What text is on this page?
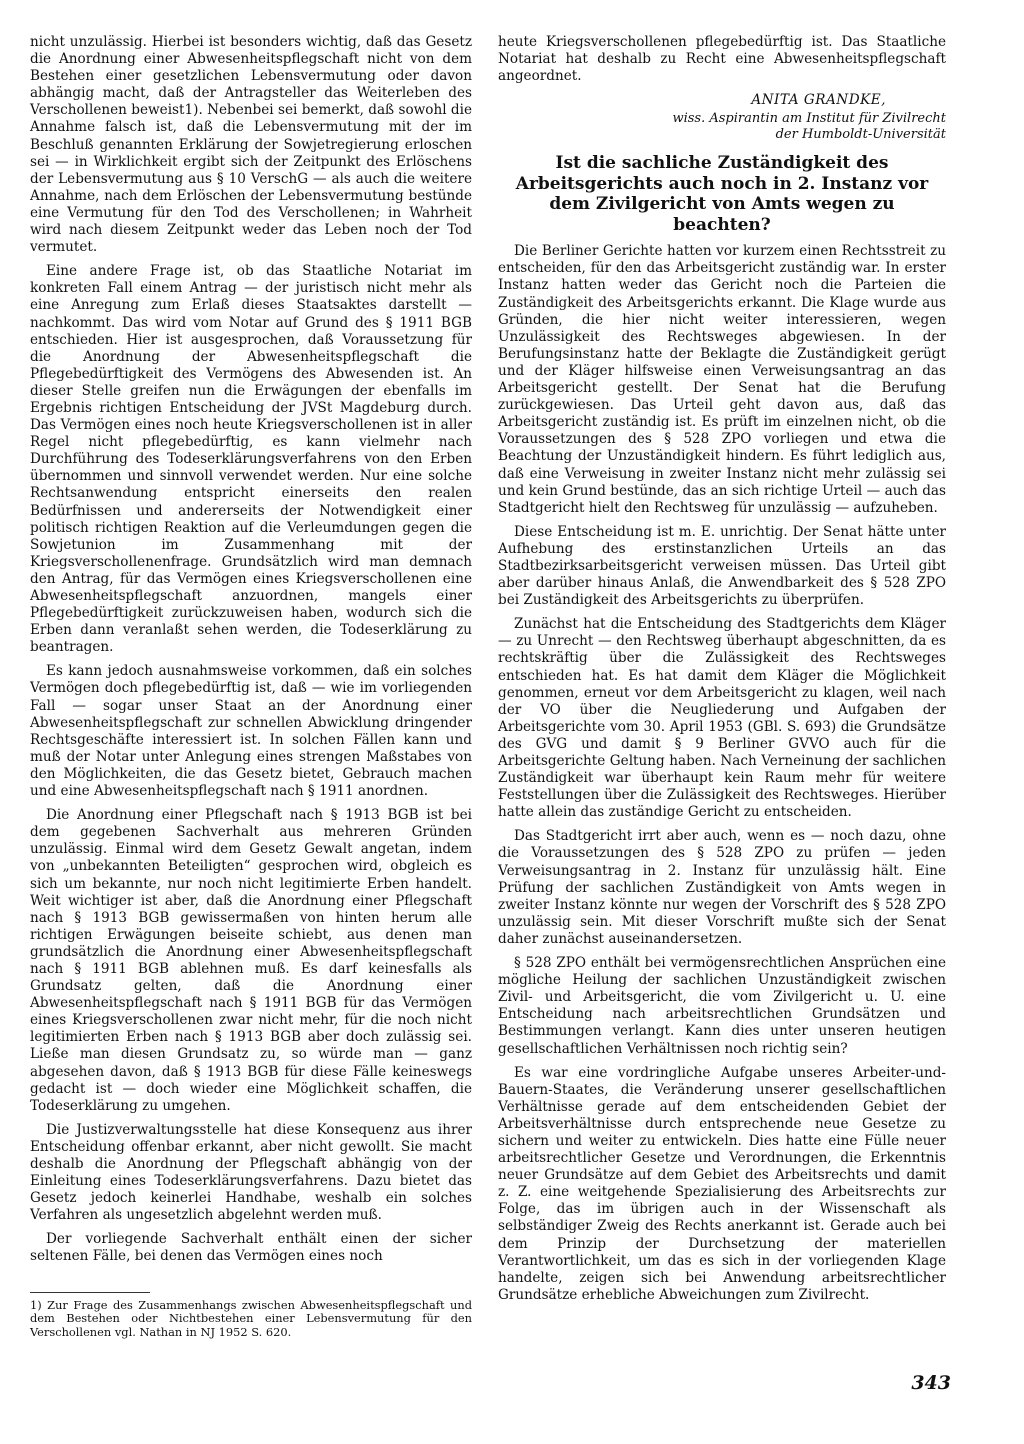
nicht unzulässig. Hierbei ist besonders wichtig, daß das Gesetz die Anordnung einer Abwesenheitspflegschaft nicht von dem Bestehen einer gesetzlichen Lebensvermutung oder davon abhängig macht, daß der Antragsteller das Weiterleben des Verschollenen beweist1). Nebenbei sei bemerkt, daß sowohl die Annahme falsch ist, daß die Lebensvermutung mit der im Beschluß genannten Erklärung der Sowjetregierung erloschen sei — in Wirklichkeit ergibt sich der Zeitpunkt des Erlöschens der Lebensvermutung aus § 10 VerschG — als auch die weitere Annahme, nach dem Erlöschen der Lebensvermutung bestünde eine Vermutung für den Tod des Verschollenen; in Wahrheit wird nach diesem Zeitpunkt weder das Leben noch der Tod vermutet.

Eine andere Frage ist, ob das Staatliche Notariat im konkreten Fall einem Antrag — der juristisch nicht mehr als eine Anregung zum Erlaß dieses Staatsaktes darstellt — nachkommt. Das wird vom Notar auf Grund des § 1911 BGB entschieden. Hier ist ausgesprochen, daß Voraussetzung für die Anordnung der Abwesenheitspflegschaft die Pflegebedürftigkeit des Vermögens des Abwesenden ist. An dieser Stelle greifen nun die Erwägungen der ebenfalls im Ergebnis richtigen Entscheidung der JVSt Magdeburg durch. Das Vermögen eines noch heute Kriegsverschollenen ist in aller Regel nicht pflegebedürftig, es kann vielmehr nach Durchführung des Todeserklärungsverfahrens von den Erben übernommen und sinnvoll verwendet werden. Nur eine solche Rechtsanwendung entspricht einerseits den realen Bedürfnissen und andererseits der Notwendigkeit einer politisch richtigen Reaktion auf die Verleumdungen gegen die Sowjetunion im Zusammenhang mit der Kriegsverschollenenfrage. Grundsätzlich wird man demnach den Antrag, für das Vermögen eines Kriegsverschollenen eine Abwesenheitspflegschaft anzuordnen, mangels einer Pflegebedürftigkeit zurückzuweisen haben, wodurch sich die Erben dann veranlaßt sehen werden, die Todeserklärung zu beantragen.

Es kann jedoch ausnahmsweise vorkommen, daß ein solches Vermögen doch pflegebedürftig ist, daß — wie im vorliegenden Fall — sogar unser Staat an der Anordnung einer Abwesenheitspflegschaft zur schnellen Abwicklung dringender Rechtsgeschäfte interessiert ist. In solchen Fällen kann und muß der Notar unter Anlegung eines strengen Maßstabes von den Möglichkeiten, die das Gesetz bietet, Gebrauch machen und eine Abwesenheitspflegschaft nach § 1911 anordnen.

Die Anordnung einer Pflegschaft nach § 1913 BGB ist bei dem gegebenen Sachverhalt aus mehreren Gründen unzulässig. Einmal wird dem Gesetz Gewalt angetan, indem von „unbekannten Beteiligten“ gesprochen wird, obgleich es sich um bekannte, nur noch nicht legitimierte Erben handelt. Weit wichtiger ist aber, daß die Anordnung einer Pflegschaft nach § 1913 BGB gewissermaßen von hinten herum alle richtigen Erwägungen beiseite schiebt, aus denen man grundsätzlich die Anordnung einer Abwesenheitspflegschaft nach § 1911 BGB ablehnen muß. Es darf keinesfalls als Grundsatz gelten, daß die Anordnung einer Abwesenheitspflegschaft nach § 1911 BGB für das Vermögen eines Kriegsverschollenen zwar nicht mehr, für die noch nicht legitimierten Erben nach § 1913 BGB aber doch zulässig sei. Ließe man diesen Grundsatz zu, so würde man — ganz abgesehen davon, daß § 1913 BGB für diese Fälle keineswegs gedacht ist — doch wieder eine Möglichkeit schaffen, die Todeserklärung zu umgehen.

Die Justizverwaltungsstelle hat diese Konsequenz aus ihrer Entscheidung offenbar erkannt, aber nicht gewollt. Sie macht deshalb die Anordnung der Pflegschaft abhängig von der Einleitung eines Todeserklärungsverfahrens. Dazu bietet das Gesetz jedoch keinerlei Handhabe, weshalb ein solches Verfahren als ungesetzlich abgelehnt werden muß.

Der vorliegende Sachverhalt enthält einen der sicher seltenen Fälle, bei denen das Vermögen eines noch

1) Zur Frage des Zusammenhangs zwischen Abwesenheitspflegschaft und dem Bestehen oder Nichtbestehen einer Lebensvermutung für den Verschollenen vgl. Nathan in NJ 1952 S. 620.

heute Kriegsverschollenen pflegebedürftig ist. Das Staatliche Notariat hat deshalb zu Recht eine Abwesenheitspflegschaft angeordnet.

ANITA GRANDKE,
wiss. Aspirantin am Institut für Zivilrecht
der Humboldt-Universität
Ist die sachliche Zuständigkeit des Arbeitsgerichts auch noch in 2. Instanz vor dem Zivilgericht von Amts wegen zu beachten?

Die Berliner Gerichte hatten vor kurzem einen Rechtsstreit zu entscheiden, für den das Arbeitsgericht zuständig war. In erster Instanz hatten weder das Gericht noch die Parteien die Zuständigkeit des Arbeitsgerichts erkannt. Die Klage wurde aus Gründen, die hier nicht weiter interessieren, wegen Unzulässigkeit des Rechtsweges abgewiesen. In der Berufungsinstanz hatte der Beklagte die Zuständigkeit gerügt und der Kläger hilfsweise einen Verweisungsantrag an das Arbeitsgericht gestellt. Der Senat hat die Berufung zurückgewiesen. Das Urteil geht davon aus, daß das Arbeitsgericht zuständig ist. Es prüft im einzelnen nicht, ob die Voraussetzungen des § 528 ZPO vorliegen und etwa die Beachtung der Unzuständigkeit hindern. Es führt lediglich aus, daß eine Verweisung in zweiter Instanz nicht mehr zulässig sei und kein Grund bestünde, das an sich richtige Urteil — auch das Stadtgericht hielt den Rechtsweg für unzulässig — aufzuheben.

Diese Entscheidung ist m. E. unrichtig. Der Senat hätte unter Aufhebung des erstinstanzlichen Urteils an das Stadtbezirksarbeitsgericht verweisen müssen. Das Urteil gibt aber darüber hinaus Anlaß, die Anwendbarkeit des § 528 ZPO bei Zuständigkeit des Arbeitsgerichts zu überprüfen.

Zunächst hat die Entscheidung des Stadtgerichts dem Kläger — zu Unrecht — den Rechtsweg überhaupt abgeschnitten, da es rechtskräftig über die Zulässigkeit des Rechtsweges entschieden hat. Es hat damit dem Kläger die Möglichkeit genommen, erneut vor dem Arbeitsgericht zu klagen, weil nach der VO über die Neugliederung und Aufgaben der Arbeitsgerichte vom 30. April 1953 (GBl. S. 693) die Grundsätze des GVG und damit § 9 Berliner GVVO auch für die Arbeitsgerichte Geltung haben. Nach Verneinung der sachlichen Zuständigkeit war überhaupt kein Raum mehr für weitere Feststellungen über die Zulässigkeit des Rechtsweges. Hierüber hatte allein das zuständige Gericht zu entscheiden.

Das Stadtgericht irrt aber auch, wenn es — noch dazu, ohne die Voraussetzungen des § 528 ZPO zu prüfen — jeden Verweisungsantrag in 2. Instanz für unzulässig hält. Eine Prüfung der sachlichen Zuständigkeit von Amts wegen in zweiter Instanz könnte nur wegen der Vorschrift des § 528 ZPO unzulässig sein. Mit dieser Vorschrift mußte sich der Senat daher zunächst auseinandersetzen.

§ 528 ZPO enthält bei vermögensrechtlichen Ansprüchen eine mögliche Heilung der sachlichen Unzuständigkeit zwischen Zivil- und Arbeitsgericht, die vom Zivilgericht u. U. eine Entscheidung nach arbeitsrechtlichen Grundsätzen und Bestimmungen verlangt. Kann dies unter unseren heutigen gesellschaftlichen Verhältnissen noch richtig sein?

Es war eine vordringliche Aufgabe unseres Arbeiter-und-Bauern-Staates, die Veränderung unserer gesellschaftlichen Verhältnisse gerade auf dem entscheidenden Gebiet der Arbeitsverhältnisse durch entsprechende neue Gesetze zu sichern und weiter zu entwickeln. Dies hatte eine Fülle neuer arbeitsrechtlicher Gesetze und Verordnungen, die Erkenntnis neuer Grundsätze auf dem Gebiet des Arbeitsrechts und damit z. Z. eine weitgehende Spezialisierung des Arbeitsrechts zur Folge, das im übrigen auch in der Wissenschaft als selbständiger Zweig des Rechts anerkannt ist. Gerade auch bei dem Prinzip der Durchsetzung der materiellen Verantwortlichkeit, um das es sich in der vorliegenden Klage handelte, zeigen sich bei Anwendung arbeitsrechtlicher Grundsätze erhebliche Abweichungen zum Zivilrecht.

343
